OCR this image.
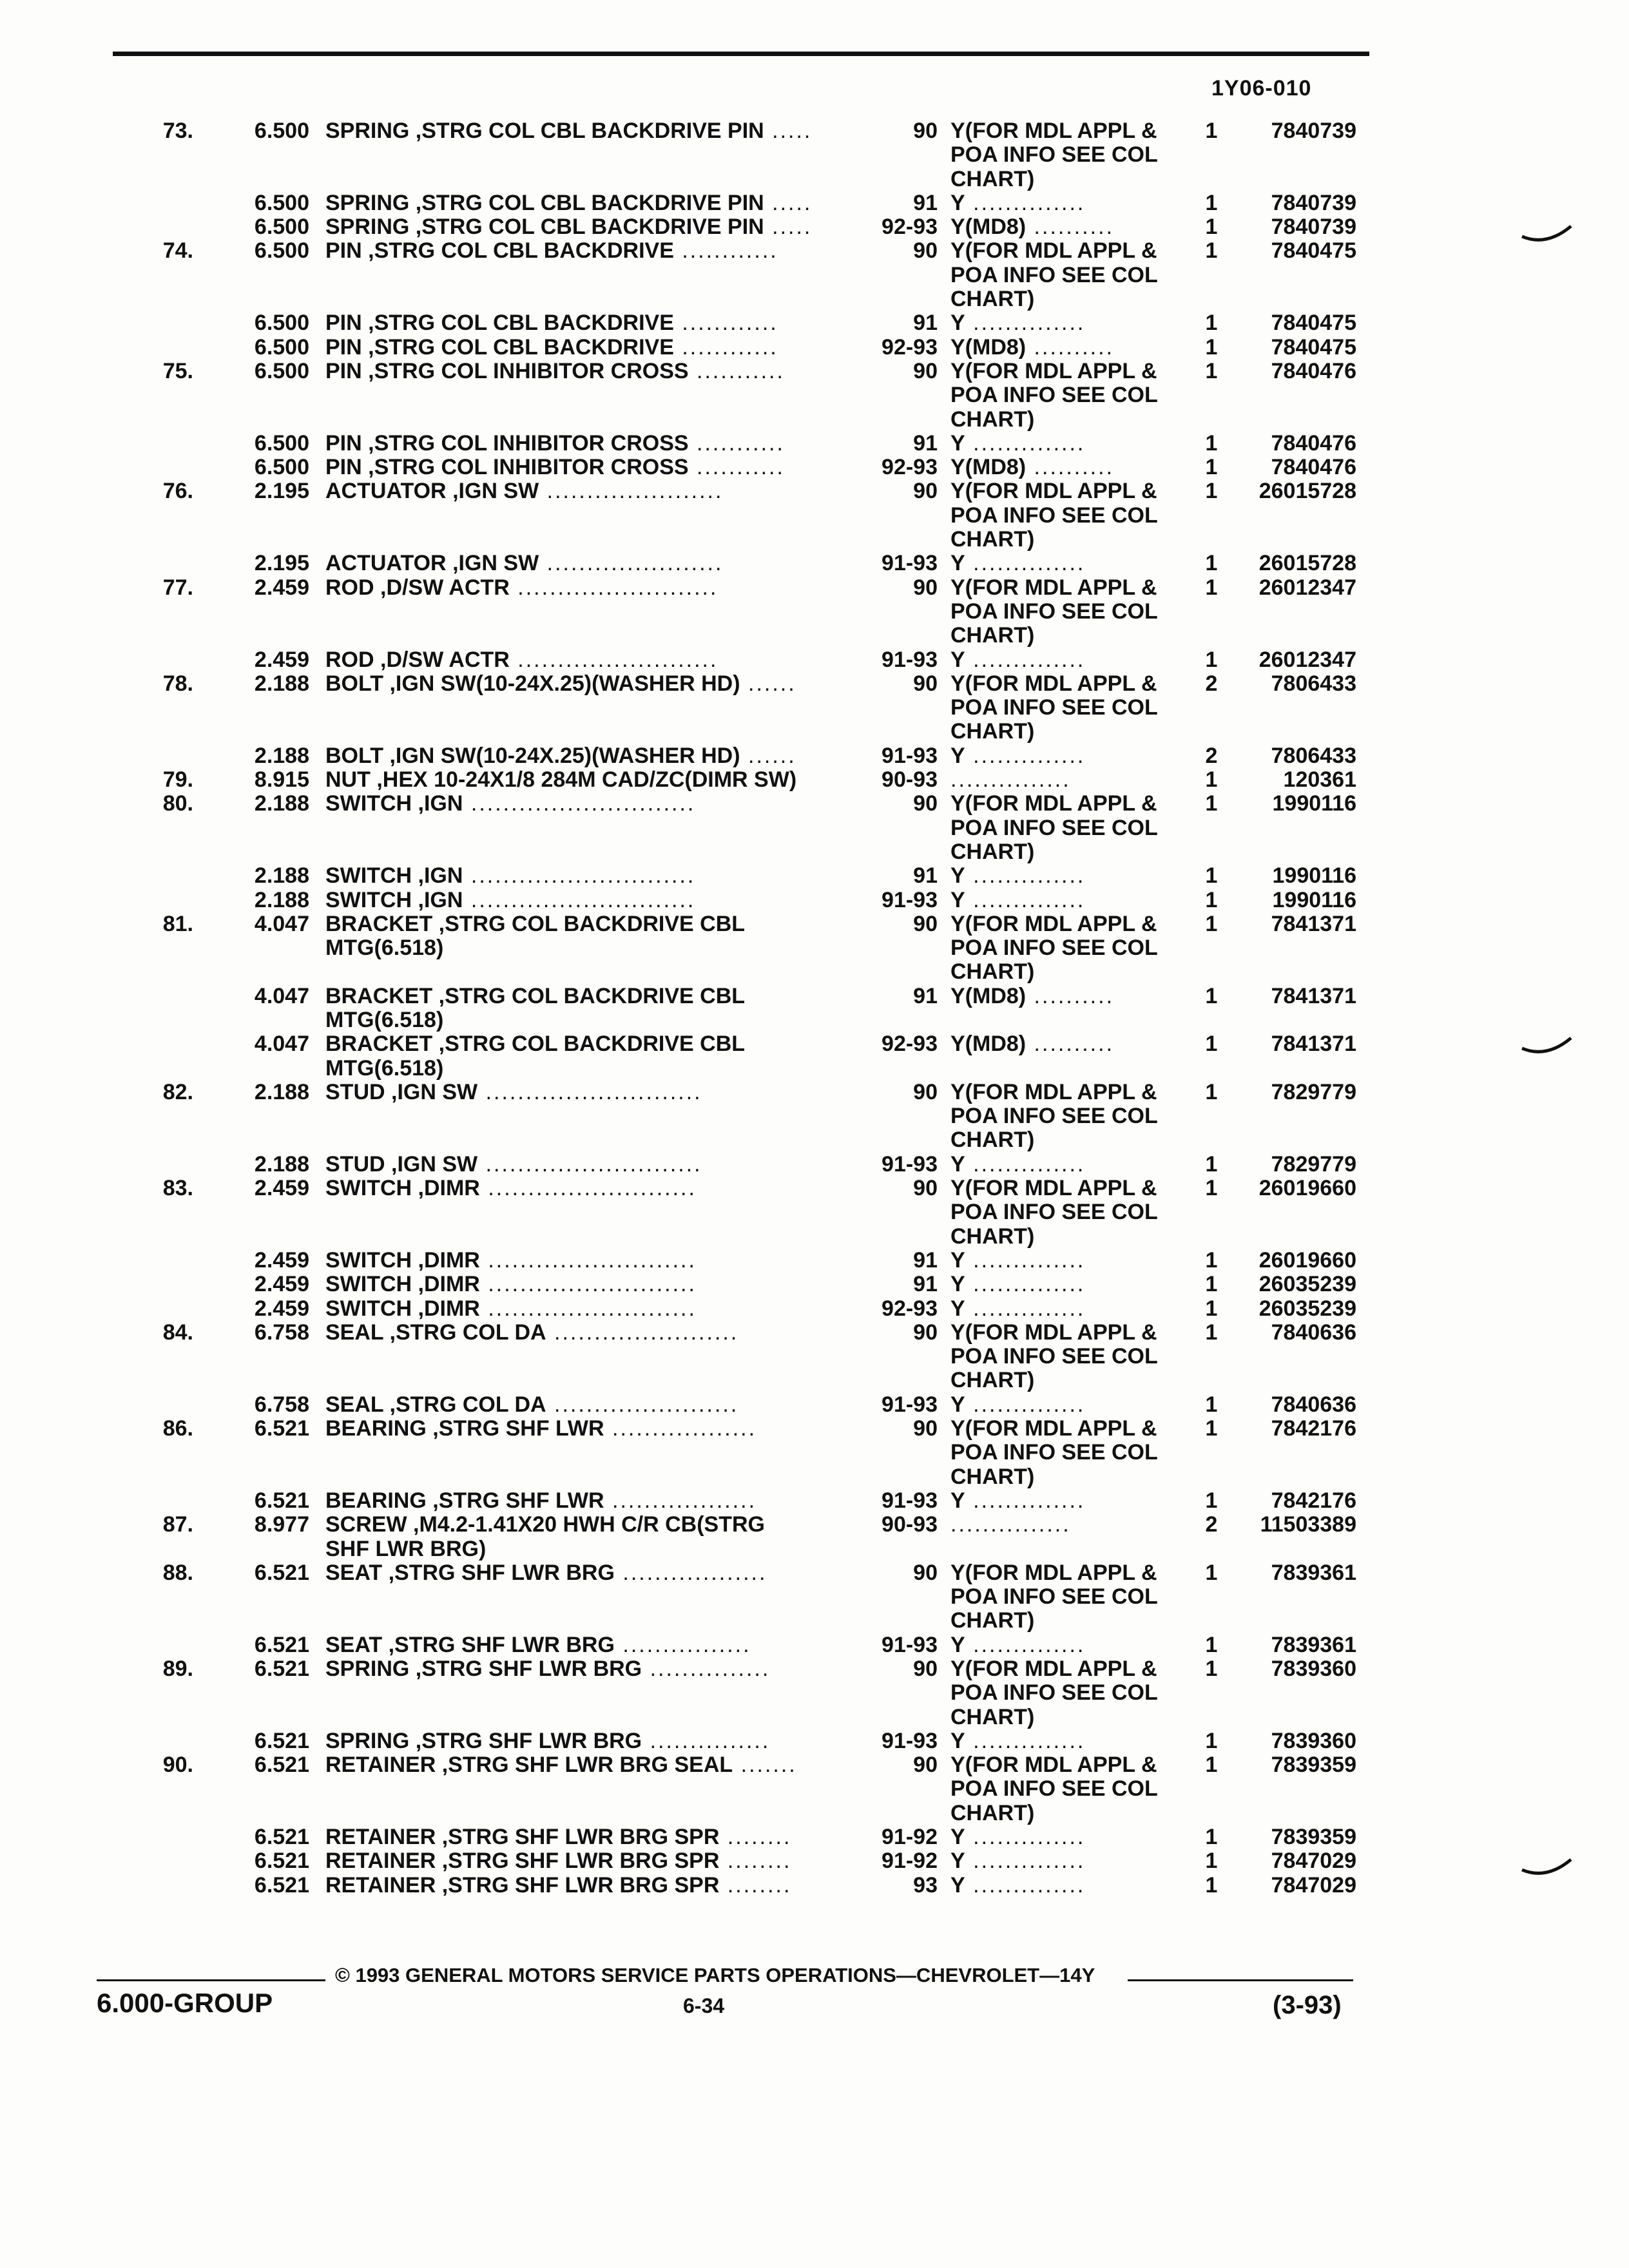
1Y06-010
73.	6.500 SPRING ,STRG COL CBL BACKDRIVE PIN .....	90 Y(FOR MDL APPL &	1	7840739
POA INFO SEE COL
CHART)
6.500 SPRING ,STRG COL CBL BACKDRIVE PIN .....	91 Y ..............	1	7840739
6.500 SPRING ,STRG COL CBL BACKDRIVE PIN .....	92-93 Y(MD8) ..........	1	7840739
74.	6.500 PIN ,STRG COL CBL BACKDRIVE ............	90 Y(FOR MDL APPL &	1	7840475
POA INFO SEE COL
CHART)
6.500 PIN ,STRG COL CBL BACKDRIVE ............	91 Y ..............	1	7840475
6.500 PIN ,STRG COL CBL BACKDRIVE ............	92-93 Y(MD8) ..........	1	7840475
75.	6.500 PIN ,STRG COL INHIBITOR CROSS ...........	90 Y(FOR MDL APPL &	1	7840476
POA INFO SEE COL
CHART)
6.500 PIN ,STRG COL INHIBITOR CROSS ...........	91 Y ..............	1	7840476
6.500 PIN ,STRG COL INHIBITOR CROSS ...........	92-93 Y(MD8) ..........	1	7840476
76.	2.195 ACTUATOR ,IGN SW ......................	90 Y(FOR MDL APPL &	1	26015728
POA INFO SEE COL
CHART)
2.195 ACTUATOR ,IGN SW ......................	91-93 Y ..............	1	26015728
77.	2.459 ROD ,D/SW ACTR .........................	90 Y(FOR MDL APPL &	1	26012347
POA INFO SEE COL
CHART)
2.459 ROD ,D/SW ACTR .........................	91-93 Y ..............	1	26012347
78.	2.188 BOLT ,IGN SW(10-24X.25)(WASHER HD) ......	90 Y(FOR MDL APPL &	2	7806433
POA INFO SEE COL
CHART)
2.188 BOLT ,IGN SW(10-24X.25)(WASHER HD) ......	91-93 Y ..............	2	7806433
79.	8.915 NUT ,HEX 10-24X1/8 284M CAD/ZC(DIMR SW)	90-93 ...............	1	120361
80.	2.188 SWITCH ,IGN ............................	90 Y(FOR MDL APPL &	1	1990116
POA INFO SEE COL
CHART)
2.188 SWITCH ,IGN ............................	91 Y ..............	1	1990116
2.188 SWITCH ,IGN ............................	91-93 Y ..............	1	1990116
81.	4.047 BRACKET ,STRG COL BACKDRIVE CBL	90 Y(FOR MDL APPL &	1	7841371
MTG(6.518)	POA INFO SEE COL
CHART)
4.047 BRACKET ,STRG COL BACKDRIVE CBL	91 Y(MD8) ..........	1	7841371
MTG(6.518)
4.047 BRACKET ,STRG COL BACKDRIVE CBL	92-93 Y(MD8) ..........	1	7841371
MTG(6.518)
82.	2.188 STUD ,IGN SW ...........................	90 Y(FOR MDL APPL &	1	7829779
POA INFO SEE COL
CHART)
2.188 STUD ,IGN SW ...........................	91-93 Y ..............	1	7829779
83.	2.459 SWITCH ,DIMR ..........................	90 Y(FOR MDL APPL &	1	26019660
POA INFO SEE COL
CHART)
2.459 SWITCH ,DIMR ..........................	91 Y ..............	1	26019660
2.459 SWITCH ,DIMR ..........................	91 Y ..............	1	26035239
2.459 SWITCH ,DIMR ..........................	92-93 Y ..............	1	26035239
84.	6.758 SEAL ,STRG COL DA .......................	90 Y(FOR MDL APPL &	1	7840636
POA INFO SEE COL
CHART)
6.758 SEAL ,STRG COL DA .......................	91-93 Y ..............	1	7840636
86.	6.521 BEARING ,STRG SHF LWR ..................	90 Y(FOR MDL APPL &	1	7842176
POA INFO SEE COL
CHART)
6.521 BEARING ,STRG SHF LWR ..................	91-93 Y ..............	1	7842176
87.	8.977 SCREW ,M4.2-1.41X20 HWH C/R CB(STRG	90-93 ...............	2	11503389
SHF LWR BRG)
88.	6.521 SEAT ,STRG SHF LWR BRG ..................	90 Y(FOR MDL APPL &	1	7839361
POA INFO SEE COL
CHART)
6.521 SEAT ,STRG SHF LWR BRG ................	91-93 Y ..............	1	7839361
89.	6.521 SPRING ,STRG SHF LWR BRG ...............	90 Y(FOR MDL APPL &	1	7839360
POA INFO SEE COL
CHART)
6.521 SPRING ,STRG SHF LWR BRG ...............	91-93 Y ..............	1	7839360
90.	6.521 RETAINER ,STRG SHF LWR BRG SEAL .......	90 Y(FOR MDL APPL &	1	7839359
POA INFO SEE COL
CHART)
6.521 RETAINER ,STRG SHF LWR BRG SPR ........	91-92 Y ..............	1	7839359
6.521 RETAINER ,STRG SHF LWR BRG SPR ........	91-92 Y ..............	1	7847029
6.521 RETAINER ,STRG SHF LWR BRG SPR ........	93 Y ..............	1	7847029
© 1993 GENERAL MOTORS SERVICE PARTS OPERATIONS—CHEVROLET—14Y
6.000-GROUP	6-34	(3-93)
